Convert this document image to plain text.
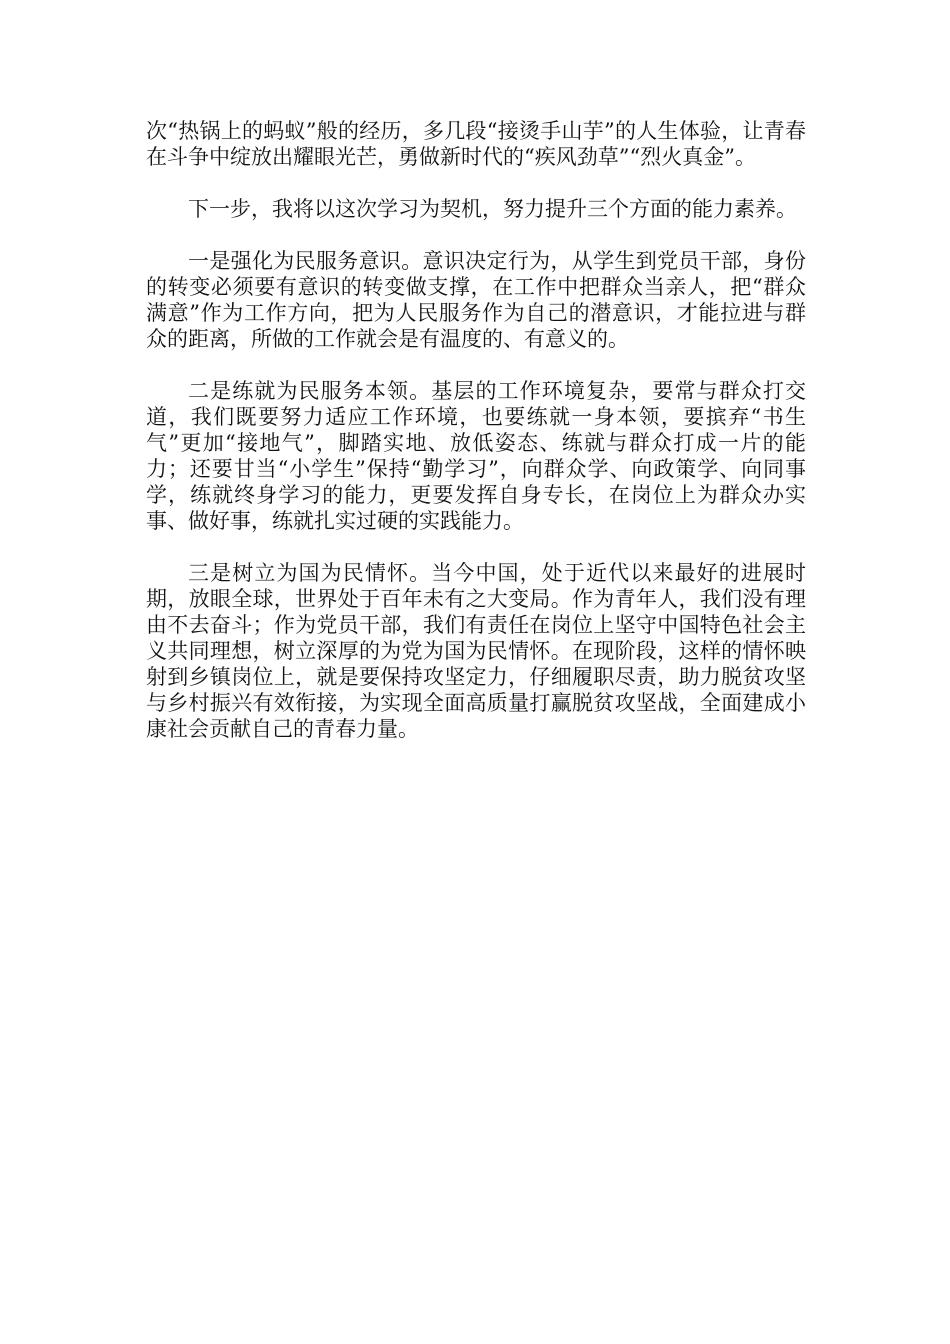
次“热锅上的蚂蚁”般的经历，多几段“接烫手山芋”的人生体验，让青春在斗争中绽放出耀眼光芒，勇做新时代的“疾风劲草”“烈火真金”。

下一步，我将以这次学习为契机，努力提升三个方面的能力素养。

一是强化为民服务意识。意识决定行为，从学生到党员干部，身份的转变必须要有意识的转变做支撑，在工作中把群众当亲人，把“群众满意”作为工作方向，把为人民服务作为自己的潜意识，才能拉进与群众的距离，所做的工作就会是有温度的、有意义的。

二是练就为民服务本领。基层的工作环境复杂，要常与群众打交道，我们既要努力适应工作环境，也要练就一身本领，要摈弃“书生气”更加“接地气”，脚踏实地、放低姿态、练就与群众打成一片的能力；还要甘当“小学生”保持“勤学习”，向群众学、向政策学、向同事学，练就终身学习的能力，更要发挥自身专长，在岗位上为群众办实事、做好事，练就扎实过硬的实践能力。

三是树立为国为民情怀。当今中国，处于近代以来最好的进展时期，放眼全球，世界处于百年未有之大变局。作为青年人，我们没有理由不去奋斗；作为党员干部，我们有责任在岗位上坚守中国特色社会主义共同理想，树立深厚的为党为国为民情怀。在现阶段，这样的情怀映射到乡镇岗位上，就是要保持攻坚定力，仔细履职尽责，助力脱贫攻坚与乡村振兴有效衔接，为实现全面高质量打赢脱贫攻坚战，全面建成小康社会贡献自己的青春力量。
